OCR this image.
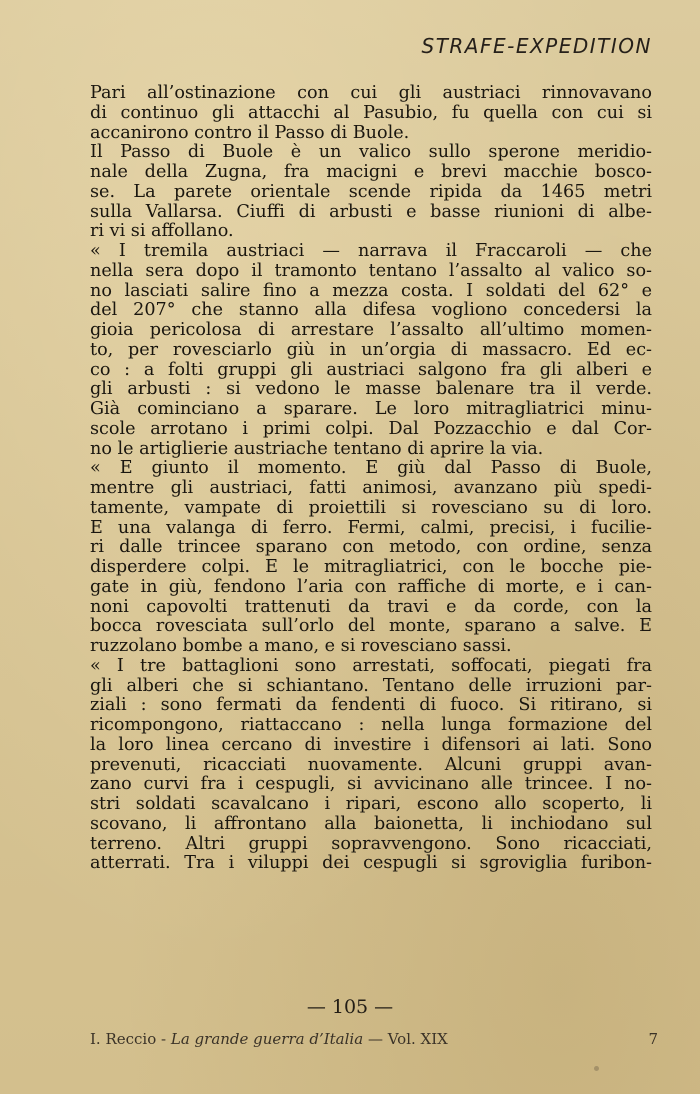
STRAFE-EXPEDITION
Pari all’ostinazione con cui gli austriaci rinnovavano
di continuo gli attacchi al Pasubio, fu quella con cui si
accanirono contro il Passo di Buole.
Il Passo di Buole è un valico sullo sperone meridio-
nale della Zugna, fra macigni e brevi macchie bosco-
se. La parete orientale scende ripida da 1465 metri
sulla Vallarsa. Ciuffi di arbusti e basse riunioni di albe-
ri vi si affollano.
« I tremila austriaci — narrava il Fraccaroli — che
nella sera dopo il tramonto tentano l’assalto al valico so-
no lasciati salire fino a mezza costa. I soldati del 62° e
del 207° che stanno alla difesa vogliono concedersi la
gioia pericolosa di arrestare l’assalto all’ultimo momen-
to, per rovesciarlo giù in un’orgia di massacro. Ed ec-
co : a folti gruppi gli austriaci salgono fra gli alberi e
gli arbusti : si vedono le masse balenare tra il verde.
Già cominciano a sparare. Le loro mitragliatrici minu-
scole arrotano i primi colpi. Dal Pozzacchio e dal Cor-
no le artiglierie austriache tentano di aprire la via.
« È giunto il momento. E giù dal Passo di Buole,
mentre gli austriaci, fatti animosi, avanzano più spedi-
tamente, vampate di proiettili si rovesciano su di loro.
È una valanga di ferro. Fermi, calmi, precisi, i fucilie-
ri dalle trincee sparano con metodo, con ordine, senza
disperdere colpi. E le mitragliatrici, con le bocche pie-
gate in giù, fendono l’aria con raffiche di morte, e i can-
noni capovolti trattenuti da travi e da corde, con la
bocca rovesciata sull’orlo del monte, sparano a salve. E
ruzzolano bombe a mano, e si rovesciano sassi.
« I tre battaglioni sono arrestati, soffocati, piegati fra
gli alberi che si schiantano. Tentano delle irruzioni par-
ziali : sono fermati da fendenti di fuoco. Si ritirano, si
ricompongono, riattaccano : nella lunga formazione del
la loro linea cercano di investire i difensori ai lati. Sono
prevenuti, ricacciati nuovamente. Alcuni gruppi avan-
zano curvi fra i cespugli, si avvicinano alle trincee. I no-
stri soldati scavalcano i ripari, escono allo scoperto, li
scovano, li affrontano alla baionetta, li inchiodano sul
terreno. Altri gruppi sopravvengono. Sono ricacciati,
atterrati. Tra i viluppi dei cespugli si sgroviglia furibon-
— 105 —
I. Reccio - La grande guerra d’Italia — Vol. XIX	7
